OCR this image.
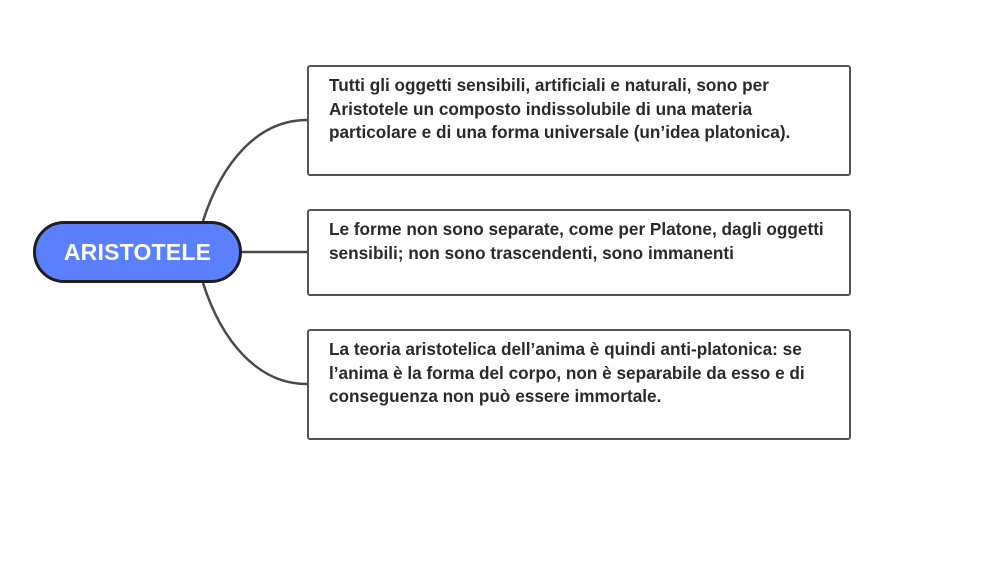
ARISTOTELE
Tutti gli oggetti sensibili, artificiali e naturali, sono per Aristotele un composto indissolubile di una materia particolare e di una forma universale (un’idea platonica).
Le forme non sono separate, come per Platone, dagli oggetti sensibili; non sono trascendenti, sono immanenti
La teoria aristotelica dell’anima è quindi anti-platonica: se l’anima è la forma del corpo, non è separabile da esso e di conseguenza non può essere immortale.
